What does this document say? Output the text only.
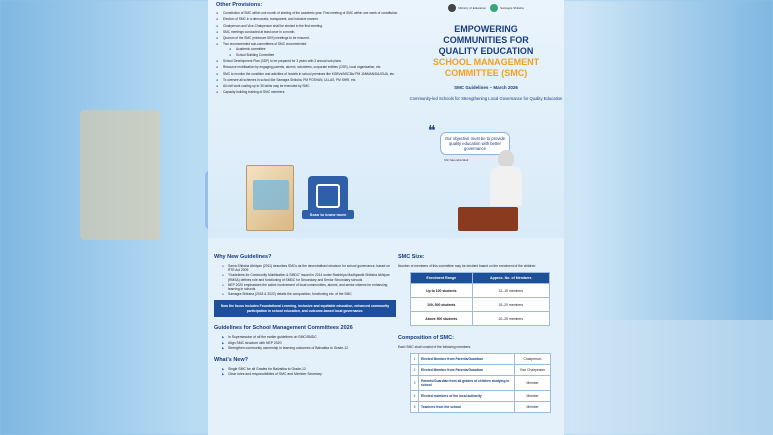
Other Provisions:
● Constitution of SMC within one month of starting of the academic year. First meeting of SMC within one week of constitution.
● Election of SMC in a democratic, transparent, and inclusive manner.
● Chairperson and Vice-Chairperson shall be elected in the first meeting.
● SMC meetings conducted at least once in a month.
● Quorum of the SMC (minimum 50%) meetings to be ensured.
● Two recommended sub-committees of SMC recommended
● Academic committee
● School Building Committee
● School Development Plan (SDP) to be prepared for 3 years with 3 annual sub plans.
● Resource mobilisation by engaging parents, alumni, volunteers, corporate entities (CSR), local organisation, etc.
● SMC to monitor the condition and activities of hostels in school premises like KGBVs/NSCBs/ PM JANMAN/DAJGUA, etc.
● To oversee all schemes in school like Samagra Shiksha, PM POSHAN, ULLAS, PM SHRI, etc.
● All civil work costing up to 30 lakhs may be executed by SMC.
● Capacity building training of SMC members.
Scan to know more
Ministry of Education	Samagra Shiksha
EMPOWERING
COMMUNITIES FOR
QUALITY EDUCATION
SCHOOL MANAGEMENT
COMMITTEE (SMC)
SMC Guidelines – March 2026
Community-led Schools for Strengthening Local Governance for Quality Education
❝	Our objective must be to provide quality education with better governance
Shri Narendra Modi
Why New Guidelines?
● Sarva Shiksha Abhiyan (2011) describes SMCs as the decentralised structure for school governance, based on RTE Act 2009
● “Guidelines for Community Mobilisation & SMDC” issued in 2014 under Rashtriya Madhyamik Shiksha Abhiyan (RMSA) defines role and functioning of SMDC for Secondary and Senior Secondary schools
● NEP 2020 emphasizes the active involvement of local communities, alumni, and senior citizens for enhancing learning in schools
● Samagra Shiksha (2018 & 2022) details the composition, functioning etc. of the SMC
Now the focus includes Foundational Learning, inclusive and equitable education, enhanced community participation in school education, and outcome-based local governance.
Guidelines for School Management Committees 2026
▶ In Supersession of all the earlier guidelines on SMC/SMDC
▶ Align SMC structure with NEP 2020
▶ Strengthen community ownership in learning outcomes of Balvatika to Grade-12
What's New?
▶ Single SMC for all Grades for Balvatika to Grade-12
▶ Clear roles and responsibilities of SMC and Member Secretary
SMC Size:
Number of members of this committee may be decided based on the enrolment of the children:
Enrolment Range	Approx. No. of Members
Up to 100 students	12–15 members
100–500 students	15–20 members
Above 500 students	20–25 members
Composition of SMC:
Each SMC shall consist of the following members:
1	Elected Member from Parents/Guardian	Chairperson
2	Elected Member from Parents/Guardian	Vice Chairperson
3	Parents/Guardian from all grades of children studying in school	Member
4	Elected members of the local authority	Member
5	Teachers from the school	Member
